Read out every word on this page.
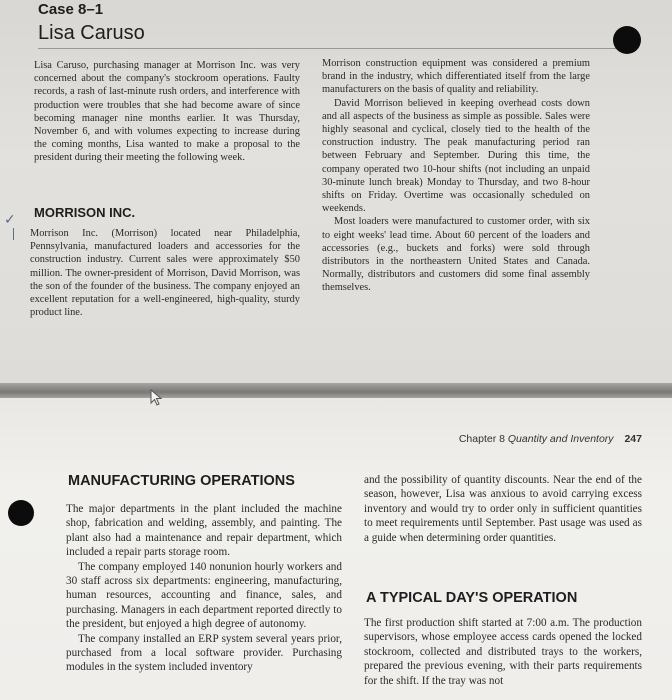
Case 8–1
Lisa Caruso

Lisa Caruso, purchasing manager at Morrison Inc. was very concerned about the company's stockroom operations. Faulty records, a rash of last-minute rush orders, and interference with production were troubles that she had become aware of since becoming manager nine months earlier. It was Thursday, November 6, and with volumes expecting to increase during the coming months, Lisa wanted to make a proposal to the president during their meeting the following week.

MORRISON INC.
✓

Morrison Inc. (Morrison) located near Philadelphia, Pennsylvania, manufactured loaders and accessories for the construction industry. Current sales were approximately $50 million. The owner-president of Morrison, David Morrison, was the son of the founder of the business. The company enjoyed an excellent reputation for a well-engineered, high-quality, sturdy product line.

Morrison construction equipment was considered a premium brand in the industry, which differentiated itself from the large manufacturers on the basis of quality and reliability.

David Morrison believed in keeping overhead costs down and all aspects of the business as simple as possible. Sales were highly seasonal and cyclical, closely tied to the health of the construction industry. The peak manufacturing period ran between February and September. During this time, the company operated two 10-hour shifts (not including an unpaid 30-minute lunch break) Monday to Thursday, and two 8-hour shifts on Friday. Overtime was occasionally scheduled on weekends.

Most loaders were manufactured to customer order, with six to eight weeks' lead time. About 60 percent of the loaders and accessories (e.g., buckets and forks) were sold through distributors in the northeastern United States and Canada. Normally, distributors and customers did some final assembly themselves.

Chapter 8 Quantity and Inventory 247
MANUFACTURING OPERATIONS

The major departments in the plant included the machine shop, fabrication and welding, assembly, and painting. The plant also had a maintenance and repair department, which included a repair parts storage room.

The company employed 140 nonunion hourly workers and 30 staff across six departments: engineering, manufacturing, human resources, accounting and finance, sales, and purchasing. Managers in each department reported directly to the president, but enjoyed a high degree of autonomy.

The company installed an ERP system several years prior, purchased from a local software provider. Purchasing modules in the system included inventory

and the possibility of quantity discounts. Near the end of the season, however, Lisa was anxious to avoid carrying excess inventory and would try to order only in sufficient quantities to meet requirements until September. Past usage was used as a guide when determining order quantities.

A TYPICAL DAY'S OPERATION

The first production shift started at 7:00 a.m. The production supervisors, whose employee access cards opened the locked stockroom, collected and distributed trays to the workers, prepared the previous evening, with their parts requirements for the shift. If the tray was not
